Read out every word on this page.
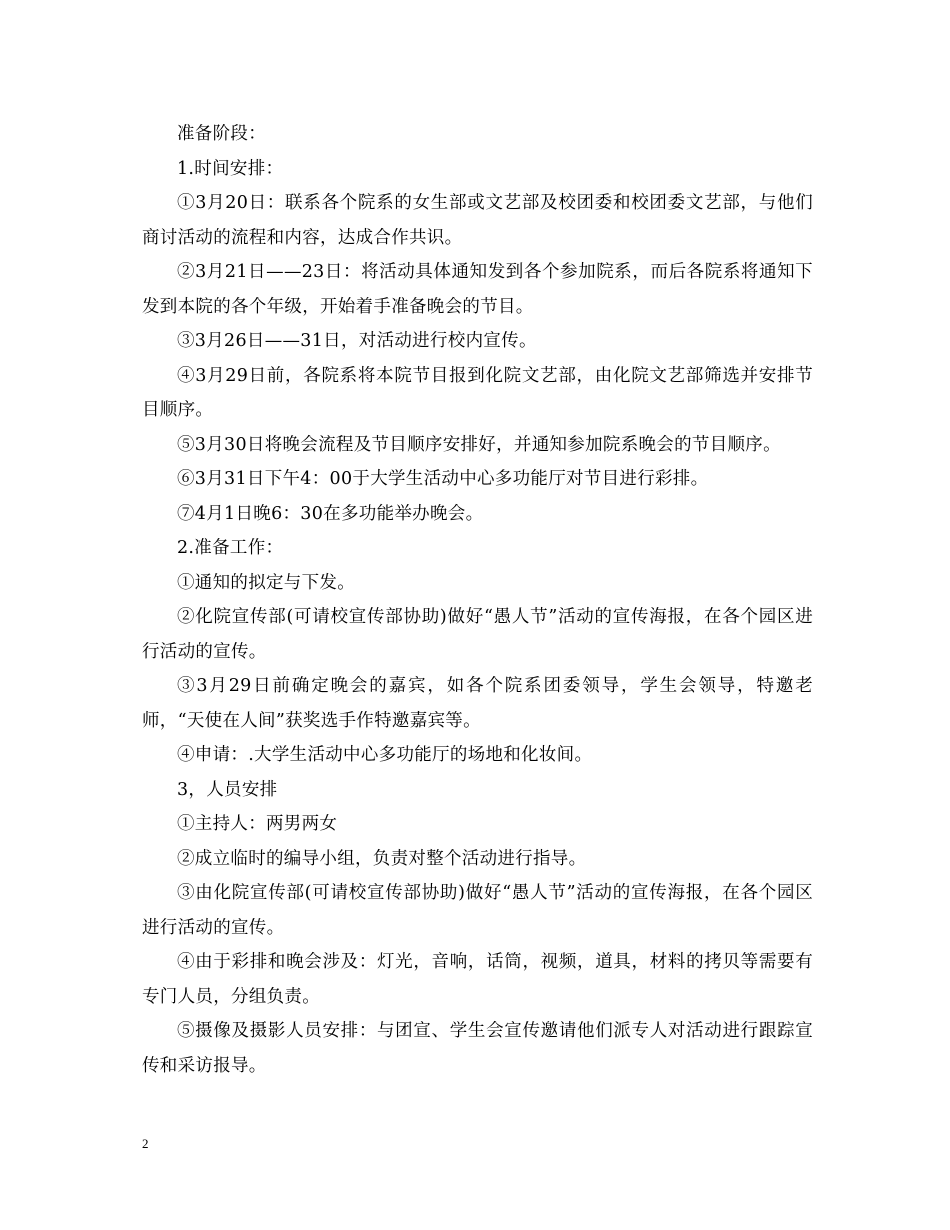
准备阶段：

1.时间安排：

①3月20日：联系各个院系的女生部或文艺部及校团委和校团委文艺部，与他们商讨活动的流程和内容，达成合作共识。

②3月21日——23日：将活动具体通知发到各个参加院系，而后各院系将通知下发到本院的各个年级，开始着手准备晚会的节目。

③3月26日——31日，对活动进行校内宣传。

④3月29日前，各院系将本院节目报到化院文艺部，由化院文艺部筛选并安排节目顺序。

⑤3月30日将晚会流程及节目顺序安排好，并通知参加院系晚会的节目顺序。

⑥3月31日下午4：00于大学生活动中心多功能厅对节目进行彩排。

⑦4月1日晚6：30在多功能举办晚会。

2.准备工作：

①通知的拟定与下发。

②化院宣传部(可请校宣传部协助)做好“愚人节”活动的宣传海报，在各个园区进行活动的宣传。

③3月29日前确定晚会的嘉宾，如各个院系团委领导，学生会领导，特邀老师，“天使在人间”获奖选手作特邀嘉宾等。

④申请：.大学生活动中心多功能厅的场地和化妆间。

3，人员安排

①主持人：两男两女

②成立临时的编导小组，负责对整个活动进行指导。

③由化院宣传部(可请校宣传部协助)做好“愚人节”活动的宣传海报，在各个园区进行活动的宣传。

④由于彩排和晚会涉及：灯光，音响，话筒，视频，道具，材料的拷贝等需要有专门人员，分组负责。

⑤摄像及摄影人员安排：与团宣、学生会宣传邀请他们派专人对活动进行跟踪宣传和采访报导。

2
